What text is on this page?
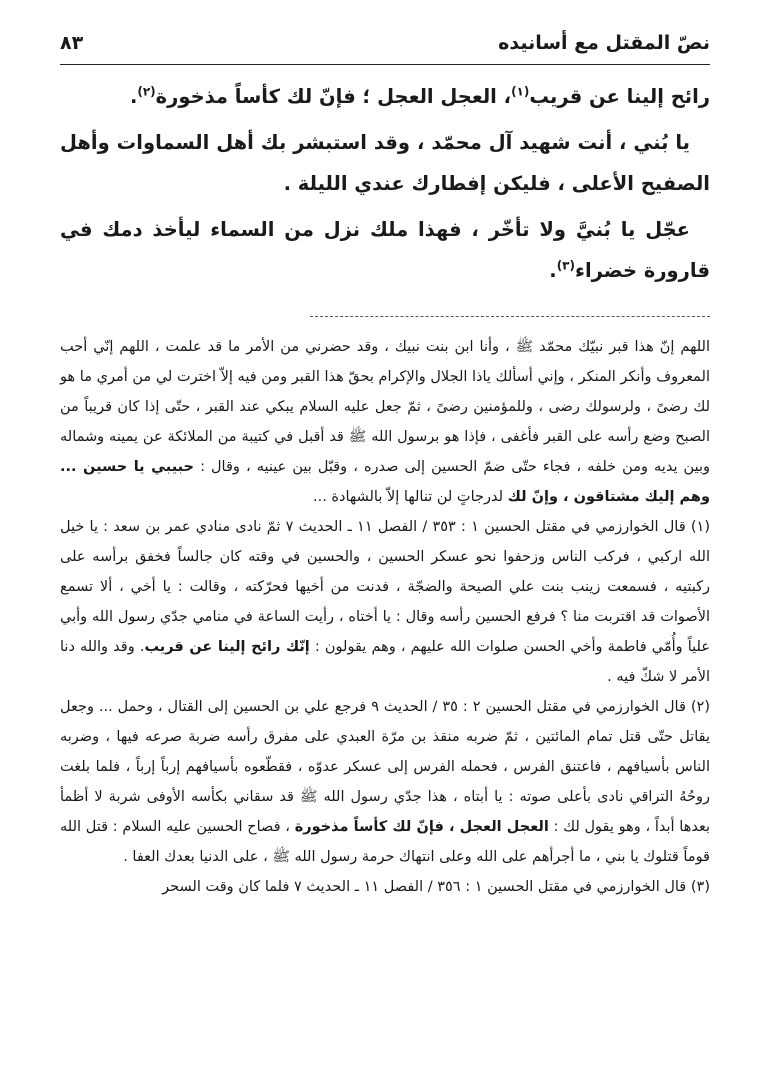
نصّ المقتل مع أسانيده
٨٣

رائح إلينا عن قريب$^{(١)}$، العجل العجل ؛ فإنّ لك كأساً مذخورة$^{(٢)}$.

يا بُني ، أنت شهيد آل محمّد ، وقد استبشر بك أهل السماوات وأهل الصفيح الأعلى ، فليكن إفطارك عندي الليلة .

عجّل يا بُنيَّ ولا تأخّر ، فهذا ملك نزل من السماء ليأخذ دمك في قارورة خضراء$^{(٣)}$.

اللهم إنّ هذا قبر نبيّك محمّد ﷺ ، وأنا ابن بنت نبيك ، وقد حضرني من الأمر ما قد علمت ، اللهم إنّي أحب المعروف وأنكر المنكر ، وإني أسألك ياذا الجلال والإكرام بحقّ هذا القبر ومن فيه إلاّ اخترت لي من أمري ما هو لك رضىً ، ولرسولك رضى ، وللمؤمنين رضىً ، ثمّ جعل عليه السلام يبكي عند القبر ، حتّى إذا كان قريباً من الصبح وضع رأسه على القبر فأغفى ، فإذا هو برسول الله ﷺ قد أقبل في كتيبة من الملائكة عن يمينه وشماله وبين يديه ومن خلفه ، فجاء حتّى ضمّ الحسين إلى صدره ، وقبّل بين عينيه ، وقال : حبيبي يا حسين ... وهم إليك مشتاقون ، وإنّ لك لدرجاتٍ لن تنالها إلاّ بالشهادة ...

(١) قال الخوارزمي في مقتل الحسين ١ : ٣٥٣ / الفصل ١١ ـ الحديث ٧ ثمّ نادى منادي عمر بن سعد : يا خيل الله اركبي ، فركب الناس وزحفوا نحو عسكر الحسين ، والحسين في وقته كان جالساً فخفق برأسه على ركبتيه ، فسمعت زينب بنت علي الصيحة والضجّة ، فدنت من أخيها فحرّكته ، وقالت : يا أخي ، ألا تسمع الأصوات قد اقتربت منا ؟ فرفع الحسين رأسه وقال : يا أختاه ، رأيت الساعة في منامي جدّي رسول الله وأبي علياً وأُمّي فاطمة وأخي الحسن صلوات الله عليهم ، وهم يقولون : إنّك رائح إلينا عن قريب. وقد والله دنا الأمر لا شكّ فيه .

(٢) قال الخوارزمي في مقتل الحسين ٢ : ٣٥ / الحديث ٩ فرجع علي بن الحسين إلى القتال ، وحمل ... وجعل يقاتل حتّى قتل تمام المائتين ، ثمّ ضربه منقذ بن مرّة العبدي على مفرق رأسه ضربة صرعه فيها ، وضربه الناس بأسيافهم ، فاعتنق الفرس ، فحمله الفرس إلى عسكر عدوّه ، فقطّعوه بأسيافهم إرباً إرباً ، فلما بلغت روحُهُ التراقي نادى بأعلى صوته : يا أبتاه ، هذا جدّي رسول الله ﷺ قد سقاني بكأسه الأوفى شربة لا أظمأ بعدها أبداً ، وهو يقول لك : العجل العجل ، فإنّ لك كأساً مذخورة ، فصاح الحسين عليه السلام : قتل الله قوماً قتلوك يا بني ، ما أجرأهم على الله وعلى انتهاك حرمة رسول الله ﷺ ، على الدنيا بعدك العفا .

(٣) قال الخوارزمي في مقتل الحسين ١ : ٣٥٦ / الفصل ١١ ـ الحديث ٧ فلما كان وقت السحر
